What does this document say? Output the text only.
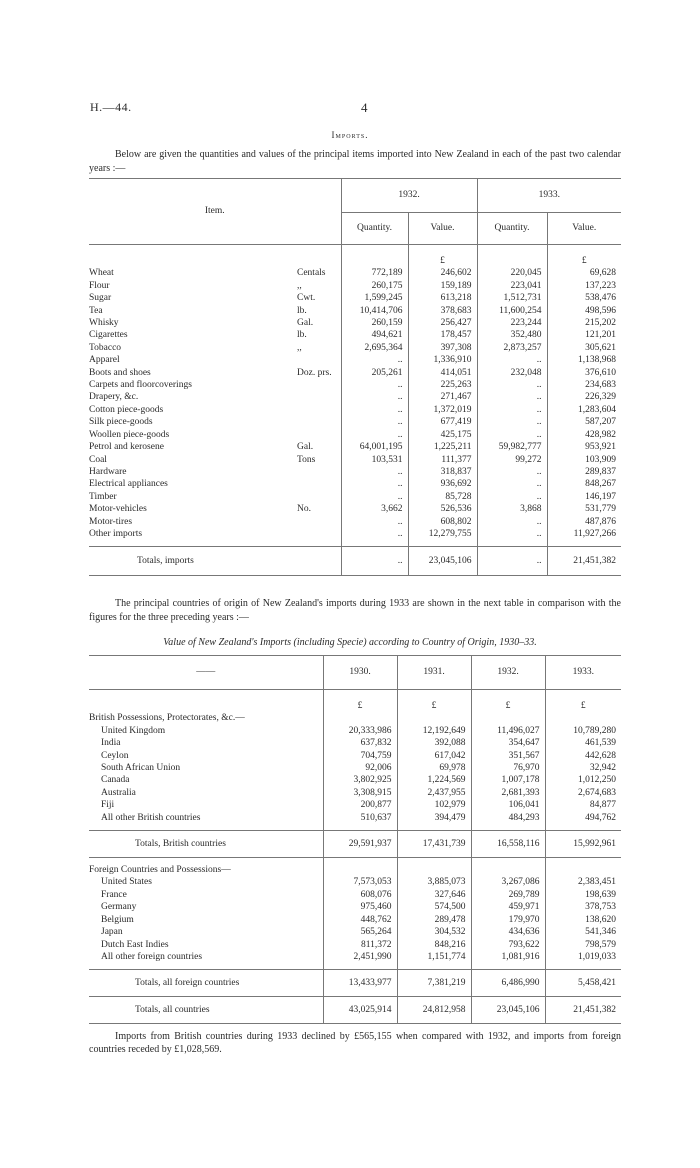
H.—44.	4
Imports.
Below are given the quantities and values of the principal items imported into New Zealand in each of the past two calendar years :—
Item.		1932.		1933.	
		Quantity.	Value.	Quantity.	Value.
			£		£
Wheat	Centals	772,189	246,602	220,045	69,628
Flour	,,	260,175	159,189	223,041	137,223
Sugar	Cwt.	1,599,245	613,218	1,512,731	538,476
Tea	lb.	10,414,706	378,683	11,600,254	498,596
Whisky	Gal.	260,159	256,427	223,244	215,202
Cigarettes	lb.	494,621	178,457	352,480	121,201
Tobacco	,,	2,695,364	397,308	2,873,257	305,621
Apparel		..	1,336,910	..	1,138,968
Boots and shoes	Doz. prs.	205,261	414,051	232,048	376,610
Carpets and floorcoverings		..	225,263	..	234,683
Drapery, &c.		..	271,467	..	226,329
Cotton piece-goods		..	1,372,019	..	1,283,604
Silk piece-goods		..	677,419	..	587,207
Woollen piece-goods		..	425,175	..	428,982
Petrol and kerosene	Gal.	64,001,195	1,225,211	59,982,777	953,921
Coal	Tons	103,531	111,377	99,272	103,909
Hardware		..	318,837	..	289,837
Electrical appliances		..	936,692	..	848,267
Timber		..	85,728	..	146,197
Motor-vehicles	No.	3,662	526,536	3,868	531,779
Motor-tires		..	608,802	..	487,876
Other imports		..	12,279,755	..	11,927,266

Totals, imports		..	23,045,106	..	21,451,382
The principal countries of origin of New Zealand's imports during 1933 are shown in the next table in comparison with the figures for the three preceding years :—
Value of New Zealand's Imports (including Specie) according to Country of Origin, 1930–33.
——	1930.	1931.	1932.	1933.

	£	£	£	£
British Possessions, Protectorates, &c.—				
United Kingdom	20,333,986	12,192,649	11,496,027	10,789,280
India	637,832	392,088	354,647	461,539
Ceylon	704,759	617,042	351,567	442,628
South African Union	92,006	69,978	76,970	32,942
Canada	3,802,925	1,224,569	1,007,178	1,012,250
Australia	3,308,915	2,437,955	2,681,393	2,674,683
Fiji	200,877	102,979	106,041	84,877
All other British countries	510,637	394,479	484,293	494,762

Totals, British countries	29,591,937	17,431,739	16,558,116	15,992,961

Foreign Countries and Possessions—				
United States	7,573,053	3,885,073	3,267,086	2,383,451
France	608,076	327,646	269,789	198,639
Germany	975,460	574,500	459,971	378,753
Belgium	448,762	289,478	179,970	138,620
Japan	565,264	304,532	434,636	541,346
Dutch East Indies	811,372	848,216	793,622	798,579
All other foreign countries	2,451,990	1,151,774	1,081,916	1,019,033

Totals, all foreign countries	13,433,977	7,381,219	6,486,990	5,458,421
Totals, all countries	43,025,914	24,812,958	23,045,106	21,451,382
Imports from British countries during 1933 declined by £565,155 when compared with 1932, and imports from foreign countries receded by £1,028,569.
